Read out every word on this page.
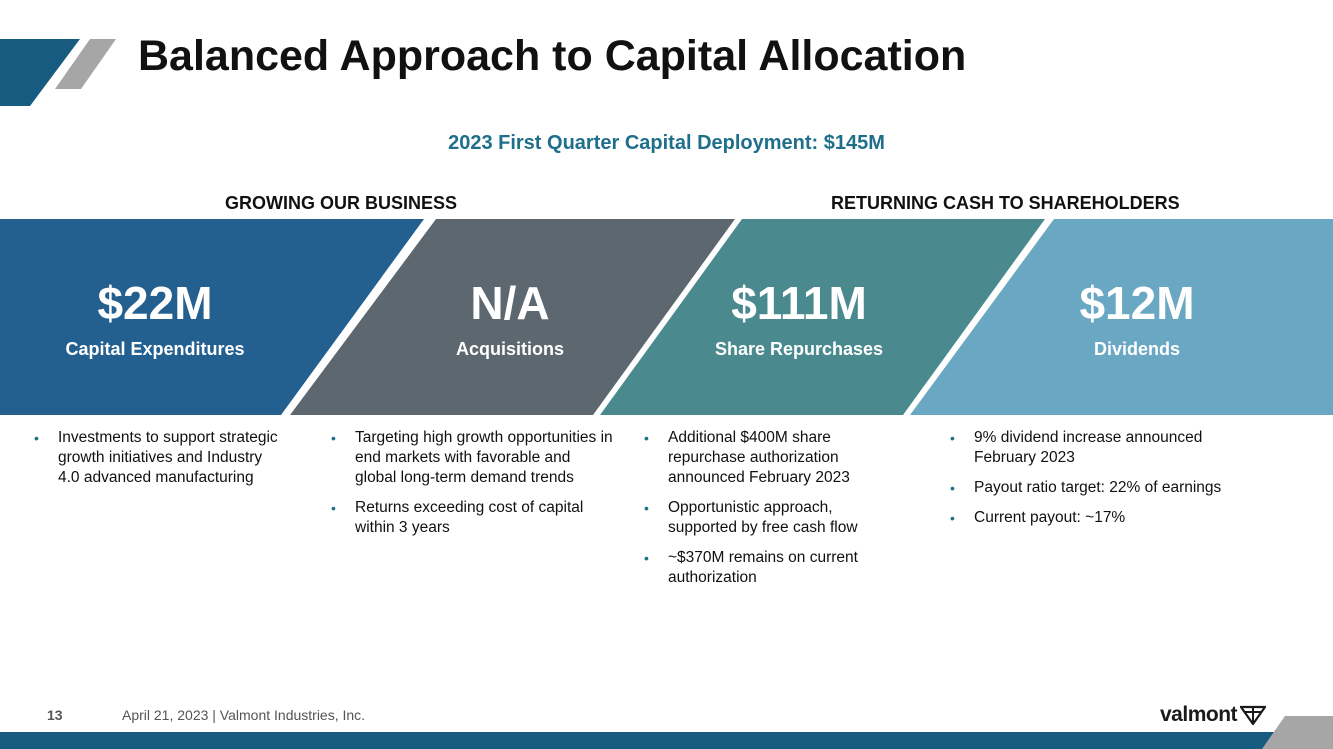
Balanced Approach to Capital Allocation
2023 First Quarter Capital Deployment: $145M
GROWING OUR BUSINESS	RETURNING CASH TO SHAREHOLDERS
$22M
Capital Expenditures
N/A
Acquisitions
$111M
Share Repurchases
$12M
Dividends
• Investments to support strategic growth initiatives and Industry 4.0 advanced manufacturing
• Targeting high growth opportunities in end markets with favorable and global long-term demand trends
• Returns exceeding cost of capital within 3 years
• Additional $400M share repurchase authorization announced February 2023
• Opportunistic approach, supported by free cash flow
• ~$370M remains on current authorization
• 9% dividend increase announced February 2023
• Payout ratio target: 22% of earnings
• Current payout: ~17%
13	April 21, 2023 | Valmont Industries, Inc.	valmont
